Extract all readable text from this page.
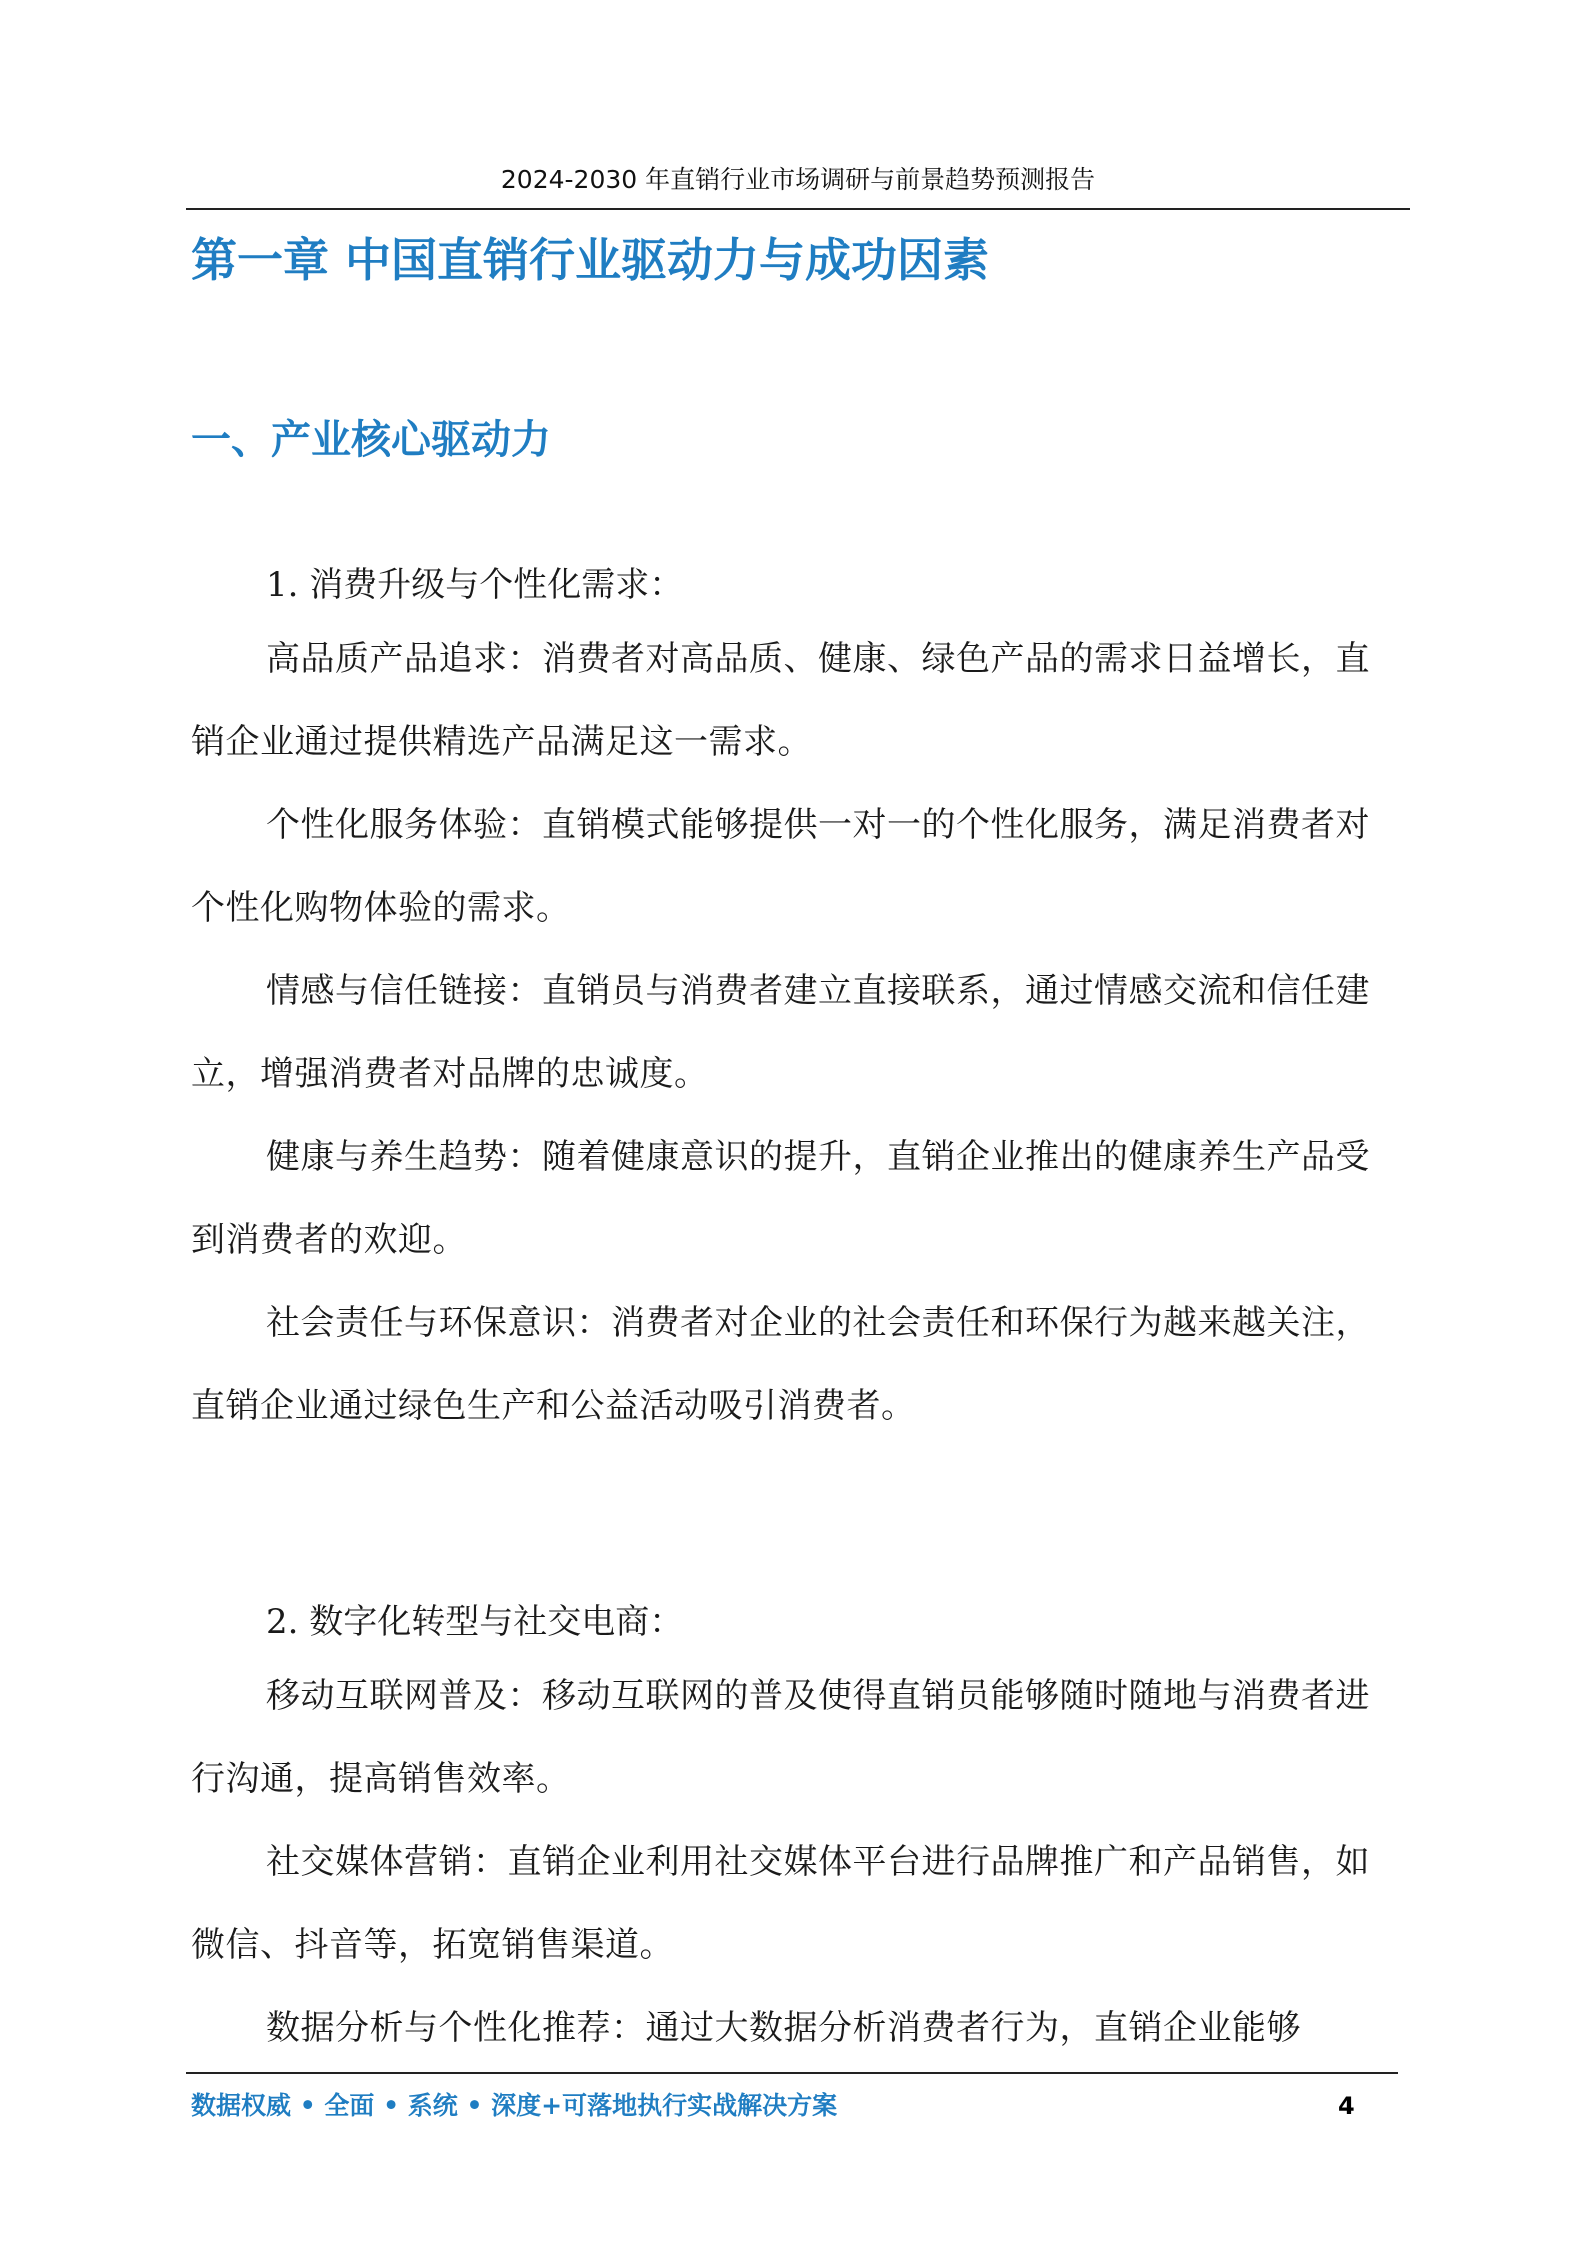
2024-2030 年直销行业市场调研与前景趋势预测报告
第一章 中国直销行业驱动力与成功因素
一、产业核心驱动力
1. 消费升级与个性化需求：
高品质产品追求：消费者对高品质、健康、绿色产品的需求日益增长，直销企业通过提供精选产品满足这一需求。
个性化服务体验：直销模式能够提供一对一的个性化服务，满足消费者对个性化购物体验的需求。
情感与信任链接：直销员与消费者建立直接联系，通过情感交流和信任建立，增强消费者对品牌的忠诚度。
健康与养生趋势：随着健康意识的提升，直销企业推出的健康养生产品受到消费者的欢迎。
社会责任与环保意识：消费者对企业的社会责任和环保行为越来越关注，直销企业通过绿色生产和公益活动吸引消费者。
2. 数字化转型与社交电商：
移动互联网普及：移动互联网的普及使得直销员能够随时随地与消费者进行沟通，提高销售效率。
社交媒体营销：直销企业利用社交媒体平台进行品牌推广和产品销售，如微信、抖音等，拓宽销售渠道。
数据分析与个性化推荐：通过大数据分析消费者行为，直销企业能够
数据权威 • 全面 • 系统 • 深度+可落地执行实战解决方案	4
